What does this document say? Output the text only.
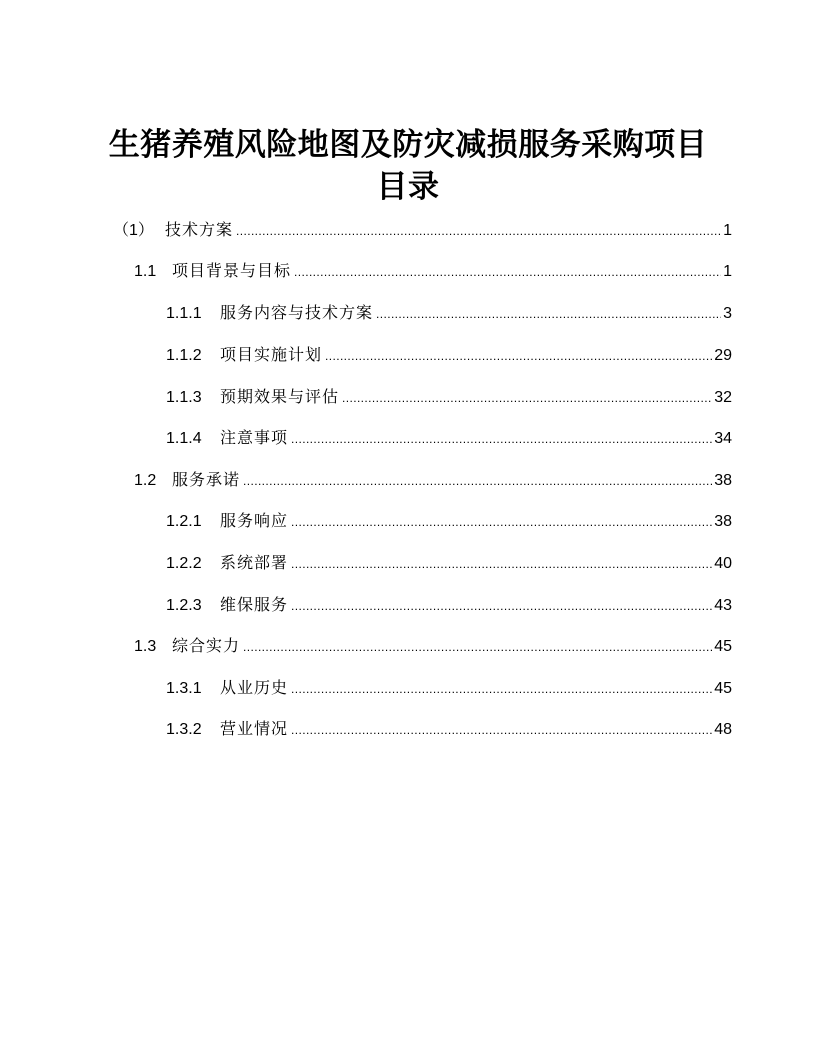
生猪养殖风险地图及防灾减损服务采购项目
目录
（1） 技术方案 .....	1
1.1 项目背景与目标 .....	1
1.1.1	服务内容与技术方案 .....	3
1.1.2	项目实施计划 .....	29
1.1.3	预期效果与评估 .....	32
1.1.4	注意事项 .....	34
1.2 服务承诺 .....	38
1.2.1	服务响应 .....	38
1.2.2	系统部署 .....	40
1.2.3	维保服务 .....	43
1.3 综合实力 .....	45
1.3.1	从业历史 .....	45
1.3.2	营业情况 .....	48
